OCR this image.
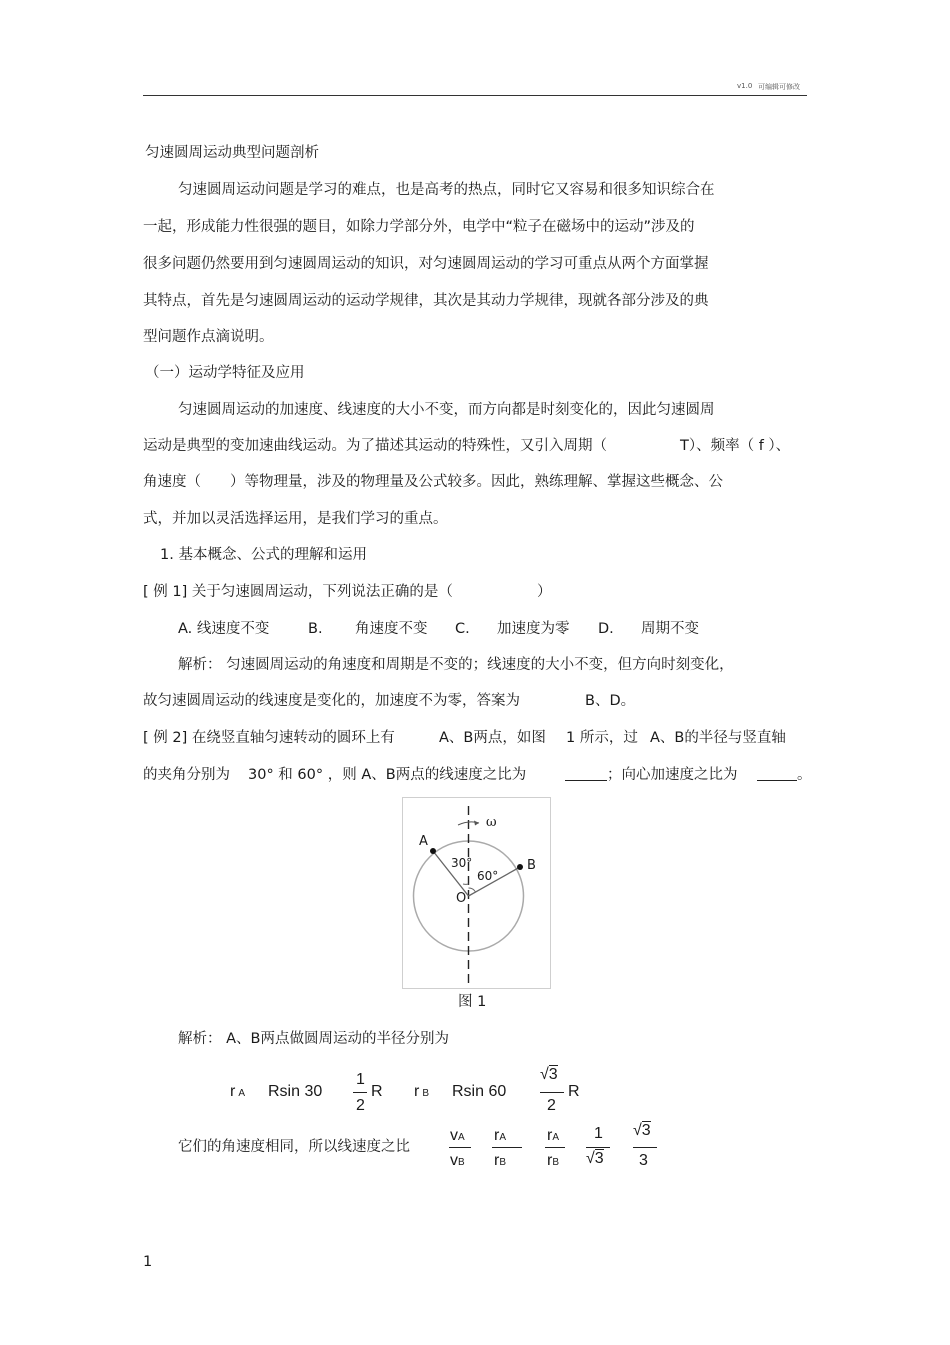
v1.0 可编辑可修改
匀速圆周运动典型问题剖析
匀速圆周运动问题是学习的难点，也是高考的热点，同时它又容易和很多知识综合在
一起，形成能力性很强的题目，如除力学部分外，电学中“粒子在磁场中的运动”涉及的
很多问题仍然要用到匀速圆周运动的知识，对匀速圆周运动的学习可重点从两个方面掌握
其特点，首先是匀速圆周运动的运动学规律，其次是其动力学规律，现就各部分涉及的典
型问题作点滴说明。
（一）运动学特征及应用
匀速圆周运动的加速度、线速度的大小不变，而方向都是时刻变化的，因此匀速圆周
运动是典型的变加速曲线运动。为了描述其运动的特殊性，又引入周期（	T）、频率（ f ）、
角速度（ ）等物理量，涉及的物理量及公式较多。因此，熟练理解、掌握这些概念、公
式，并加以灵活选择运用，是我们学习的重点。
1. 基本概念、公式的理解和运用
[ 例 1] 关于匀速圆周运动，下列说法正确的是（	）
A. 线速度不变	B. 角速度不变 C. 加速度为零 D. 周期不变
解析： 匀速圆周运动的角速度和周期是不变的；线速度的大小不变，但方向时刻变化，
故匀速圆周运动的线速度是变化的，加速度不为零，答案为	B、D。
[ 例 2] 在绕竖直轴匀速转动的圆环上有	A、B两点，如图 1 所示，过 A、B的半径与竖直轴
的夹角分别为 30° 和 60° ，则 A、B两点的线速度之比为	；向心加速度之比为	。
ω
A
B
O
30°
60°
图 1
解析： A、B两点做圆周运动的半径分别为
r A Rsin 30
1
2
R r B Rsin 60
√3
2
R
它们的角速度相同，所以线速度之比
vA
vB
rA
rB
rA
rB
1
√3
√3
3
1
